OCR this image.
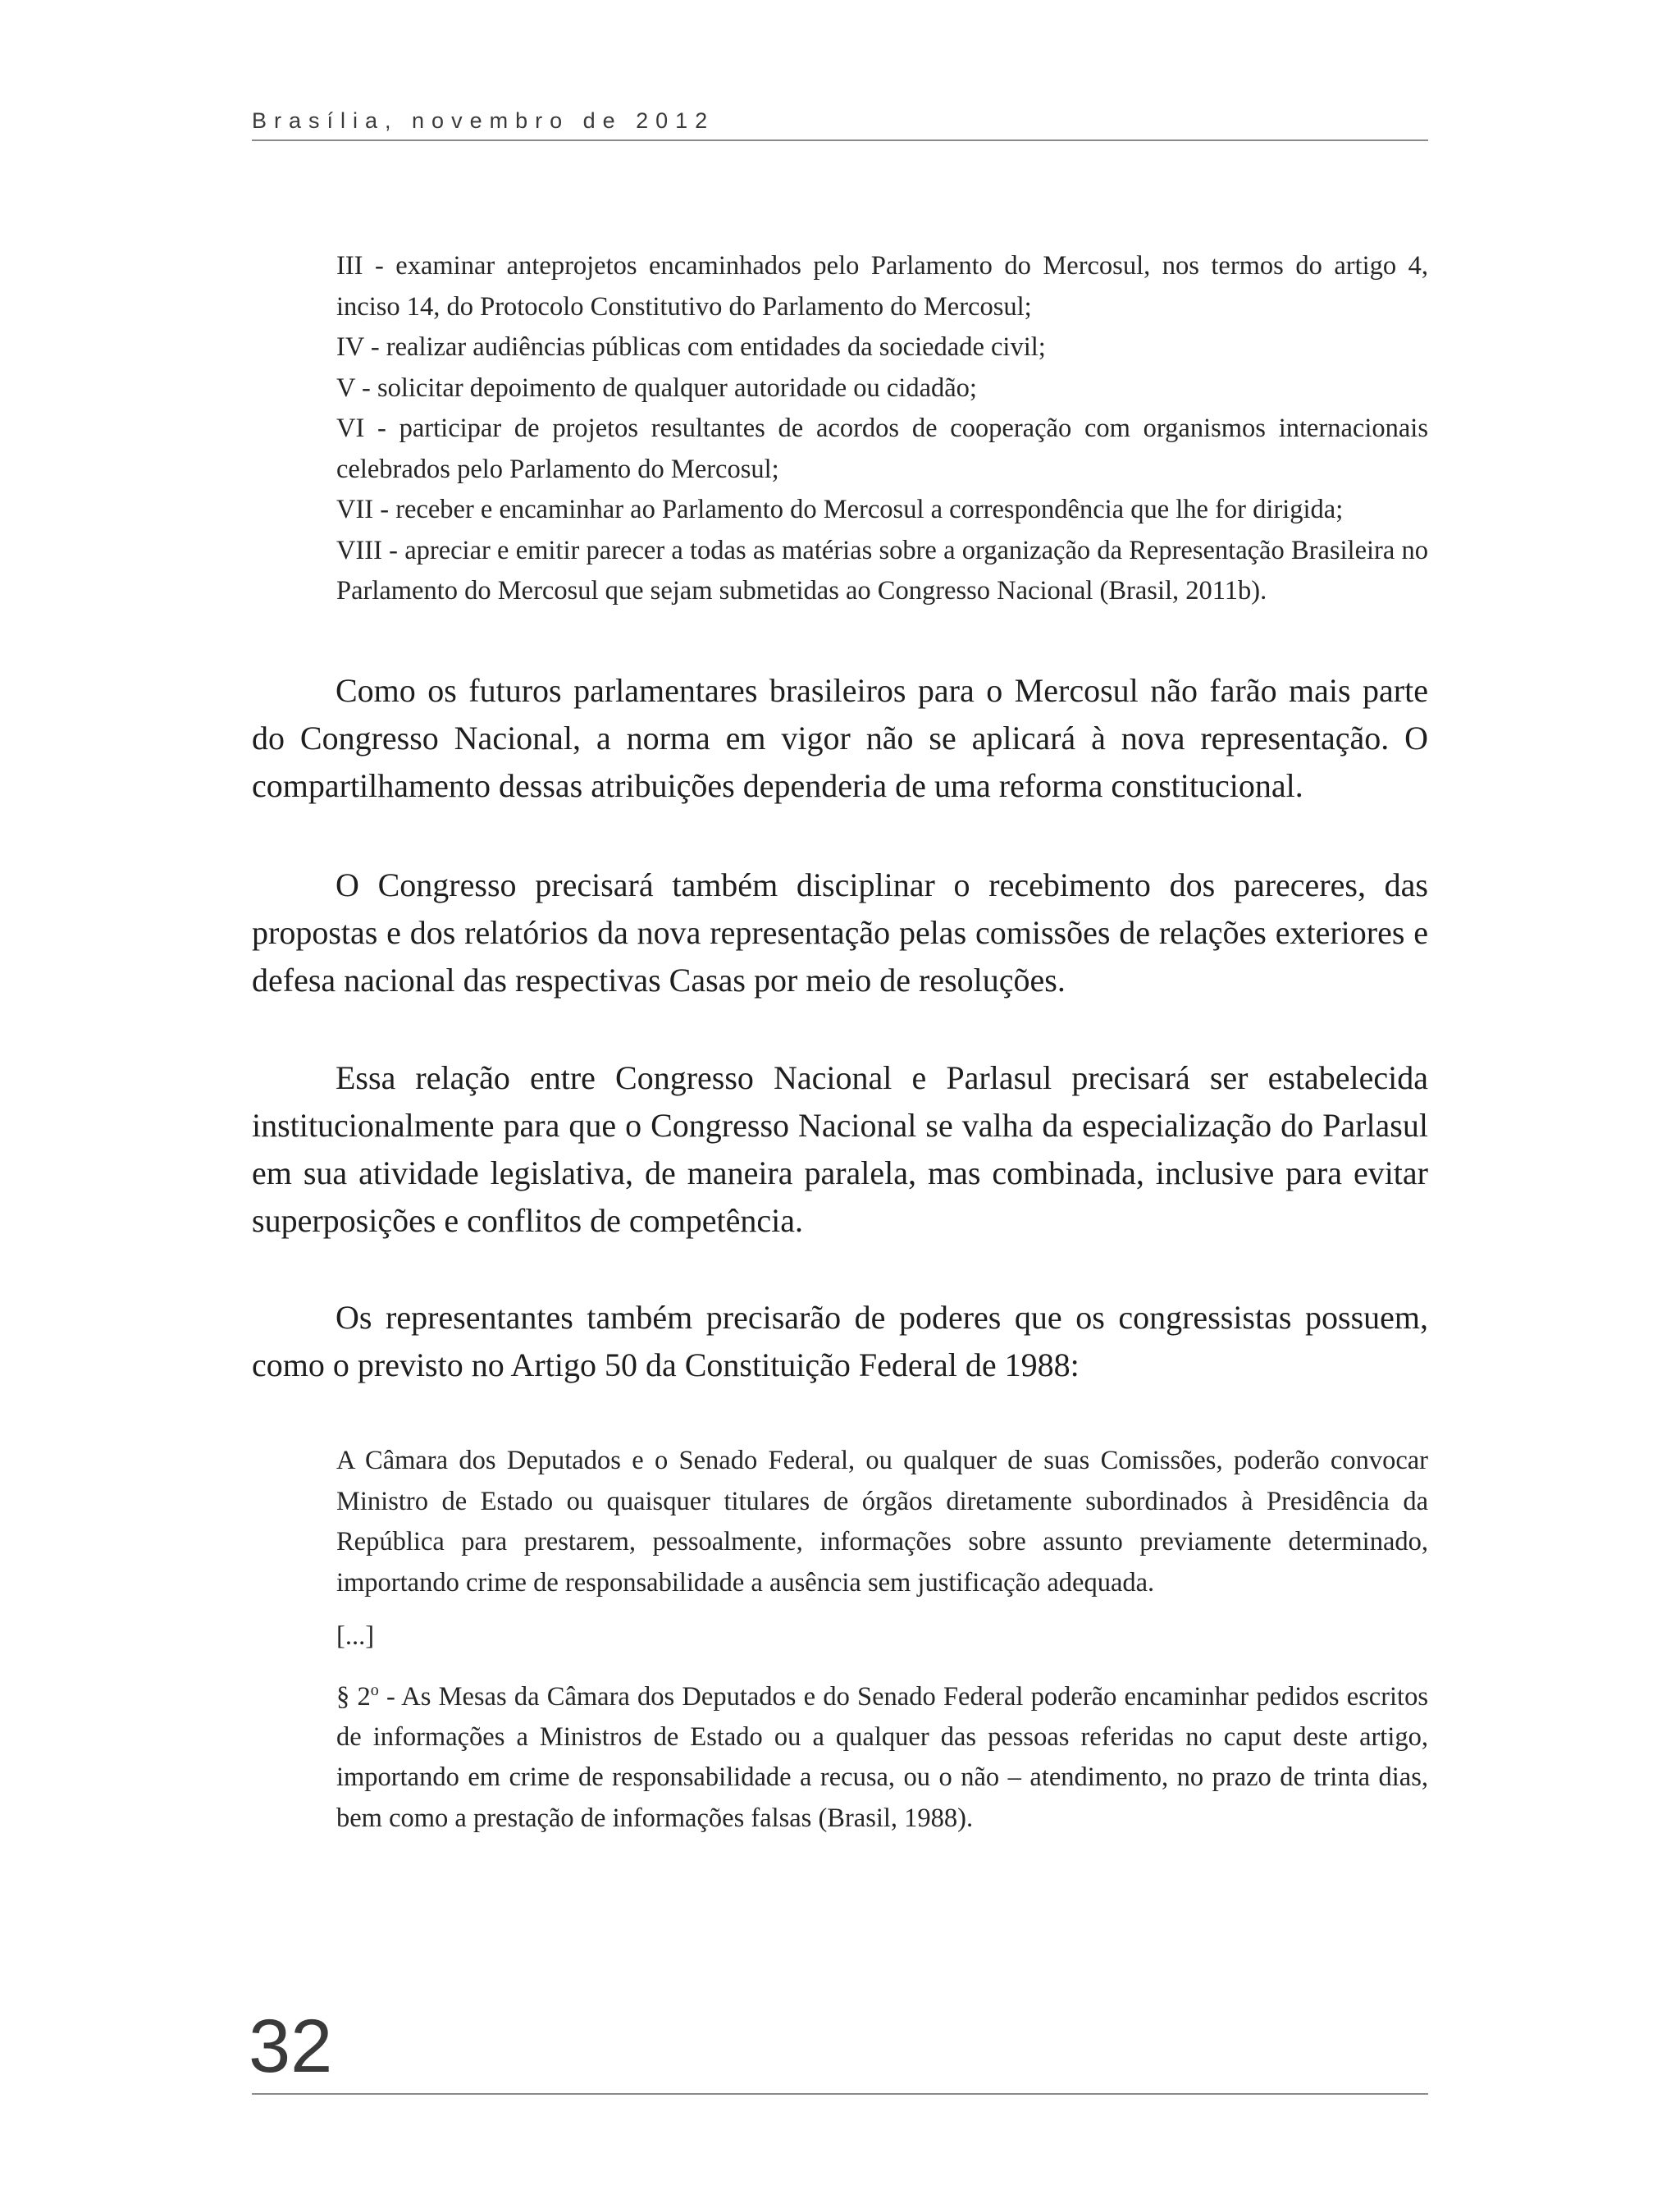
Brasília, novembro de 2012

III - examinar anteprojetos encaminhados pelo Parlamento do Mercosul, nos termos do artigo 4, inciso 14, do Protocolo Constitutivo do Parlamento do Mercosul;

IV - realizar audiências públicas com entidades da sociedade civil;

V - solicitar depoimento de qualquer autoridade ou cidadão;

VI - participar de projetos resultantes de acordos de cooperação com organismos internacionais celebrados pelo Parlamento do Mercosul;

VII - receber e encaminhar ao Parlamento do Mercosul a correspondência que lhe for dirigida;

VIII - apreciar e emitir parecer a todas as matérias sobre a organização da Representação Brasileira no Parlamento do Mercosul que sejam submetidas ao Congresso Nacional (Brasil, 2011b).

Como os futuros parlamentares brasileiros para o Mercosul não farão mais parte do Congresso Nacional, a norma em vigor não se aplicará à nova representação. O compartilhamento dessas atribuições dependeria de uma reforma constitucional.

O Congresso precisará também disciplinar o recebimento dos pareceres, das propostas e dos relatórios da nova representação pelas comissões de relações exteriores e defesa nacional das respectivas Casas por meio de resoluções.

Essa relação entre Congresso Nacional e Parlasul precisará ser estabelecida institucionalmente para que o Congresso Nacional se valha da especialização do Parlasul em sua atividade legislativa, de maneira paralela, mas combinada, inclusive para evitar superposições e conflitos de competência.

Os representantes também precisarão de poderes que os congressistas possuem, como o previsto no Artigo 50 da Constituição Federal de 1988:

A Câmara dos Deputados e o Senado Federal, ou qualquer de suas Comissões, poderão convocar Ministro de Estado ou quaisquer titulares de órgãos diretamente subordinados à Presidência da República para prestarem, pessoalmente, informações sobre assunto previamente determinado, importando crime de responsabilidade a ausência sem justificação adequada.

[...]

§ 2$^o$ - As Mesas da Câmara dos Deputados e do Senado Federal poderão encaminhar pedidos escritos de informações a Ministros de Estado ou a qualquer das pessoas referidas no caput deste artigo, importando em crime de responsabilidade a recusa, ou o não – atendimento, no prazo de trinta dias, bem como a prestação de informações falsas (Brasil, 1988).

32
